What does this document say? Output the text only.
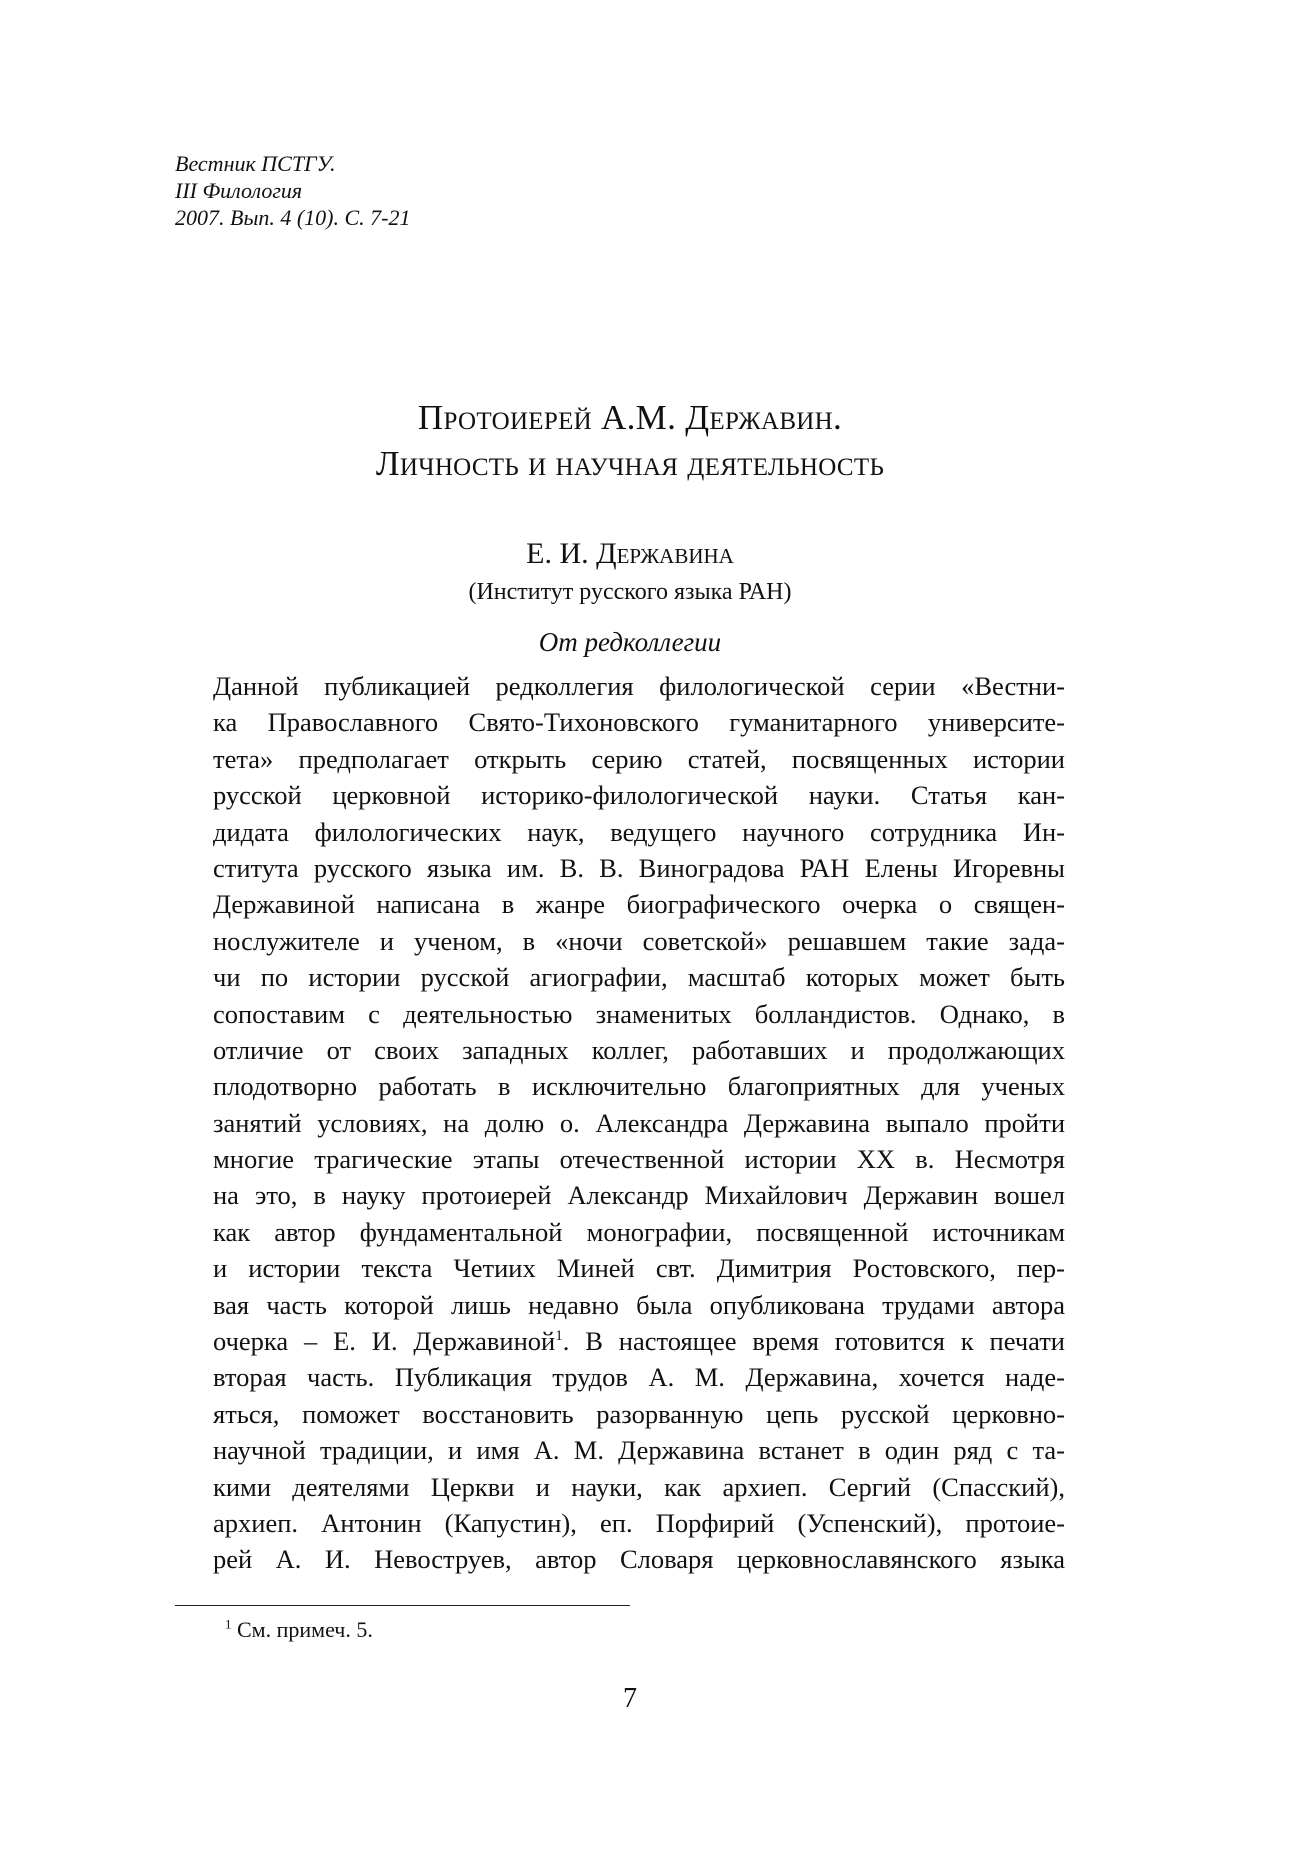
Вестник ПСТГУ.
III Филология
2007. Вып. 4 (10). С. 7-21
Протоиерей А.М. Державин.
Личность и научная деятельность
Е. И. Державина
(Институт русского языка РАН)
От редколлегии
Данной публикацией редколлегия филологической серии «Вестни-
ка Православного Свято-Тихоновского гуманитарного университе-
тета» предполагает открыть серию статей, посвященных истории
русской церковной историко-филологической науки. Статья кан-
дидата филологических наук, ведущего научного сотрудника Ин-
ститута русского языка им. В. В. Виноградова РАН Елены Игоревны
Державиной написана в жанре биографического очерка о священ-
нослужителе и ученом, в «ночи советской» решавшем такие зада-
чи по истории русской агиографии, масштаб которых может быть
сопоставим с деятельностью знаменитых болландистов. Однако, в
отличие от своих западных коллег, работавших и продолжающих
плодотворно работать в исключительно благоприятных для ученых
занятий условиях, на долю о. Александра Державина выпало пройти
многие трагические этапы отечественной истории XX в. Несмотря
на это, в науку протоиерей Александр Михайлович Державин вошел
как автор фундаментальной монографии, посвященной источникам
и истории текста Четиих Миней свт. Димитрия Ростовского, пер-
вая часть которой лишь недавно была опубликована трудами автора
очерка – Е. И. Державиной$^1$. В настоящее время готовится к печати
вторая часть. Публикация трудов А. М. Державина, хочется наде-
яться, поможет восстановить разорванную цепь русской церковно-
научной традиции, и имя А. М. Державина встанет в один ряд с та-
кими деятелями Церкви и науки, как архиеп. Сергий (Спасский),
архиеп. Антонин (Капустин), еп. Порфирий (Успенский), протоие-
рей А. И. Невоструев, автор Словаря церковнославянского языка
$^1$ См. примеч. 5.
7
